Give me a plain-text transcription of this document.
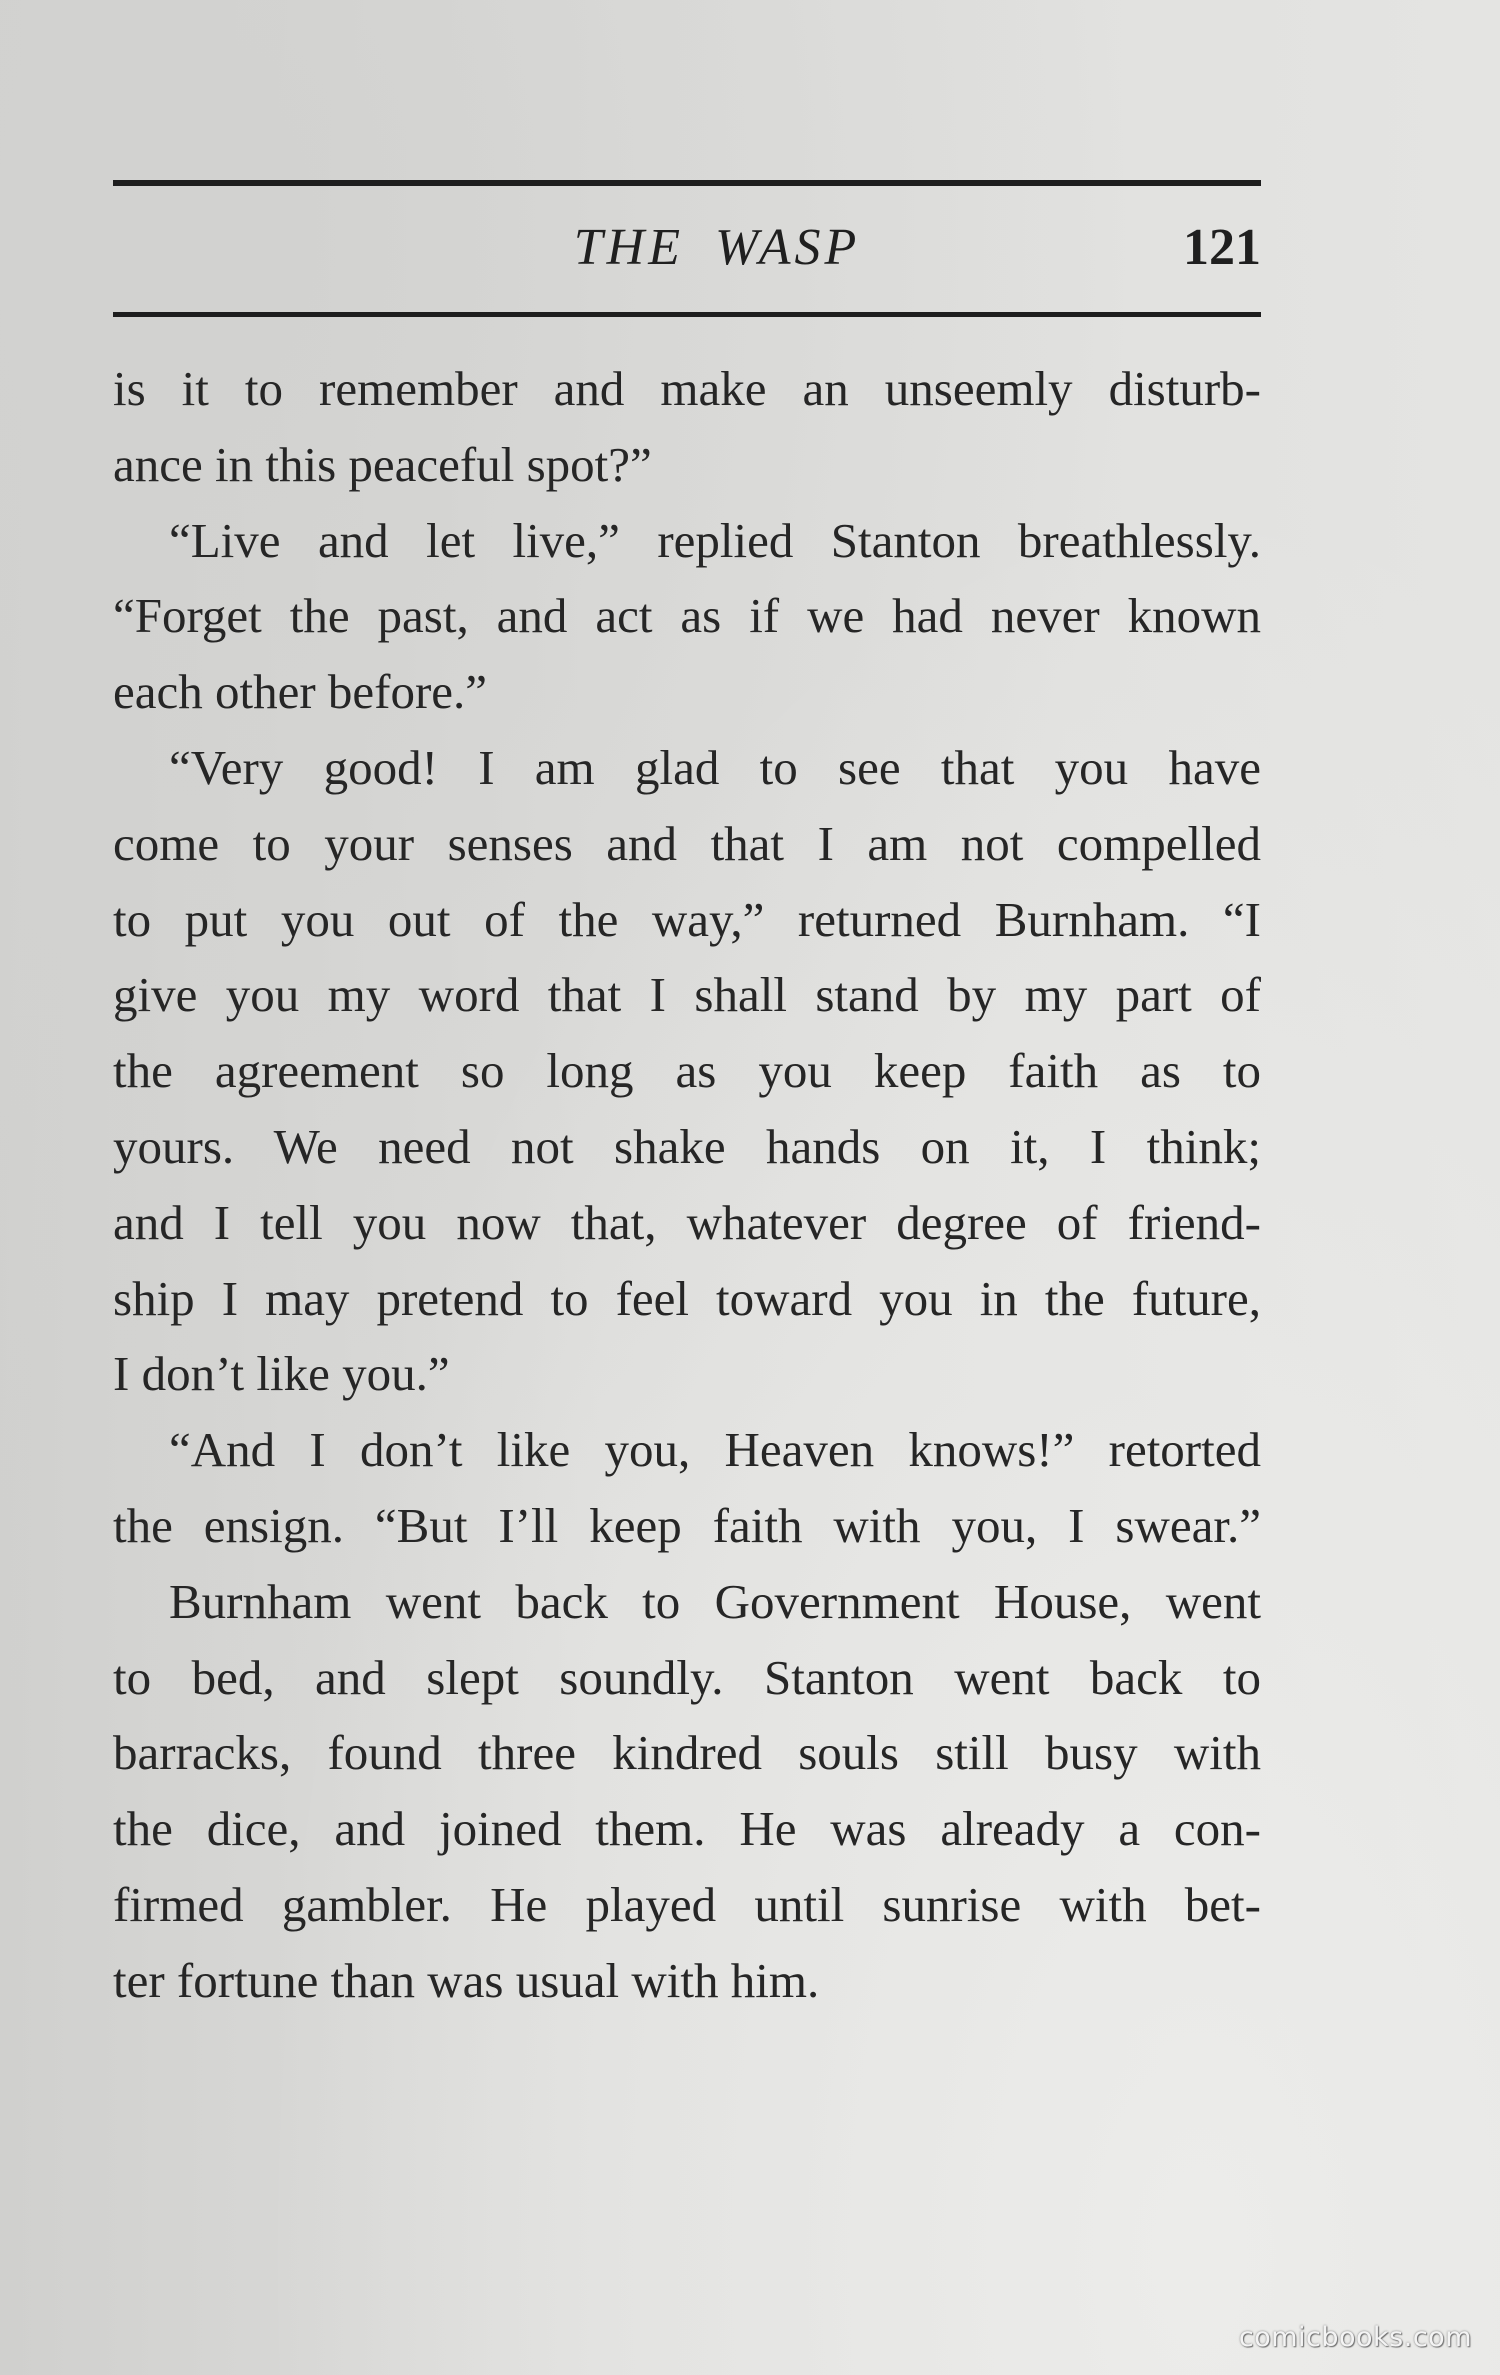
THE WASP	121

is it to remember and make an unseemly disturb-
ance in this peaceful spot?”

“Live and let live,” replied Stanton breathlessly.
“Forget the past, and act as if we had never known
each other before.”

“Very good! I am glad to see that you have
come to your senses and that I am not compelled
to put you out of the way,” returned Burnham. “I
give you my word that I shall stand by my part of
the agreement so long as you keep faith as to
yours. We need not shake hands on it, I think;
and I tell you now that, whatever degree of friend-
ship I may pretend to feel toward you in the future,
I don’t like you.”

“And I don’t like you, Heaven knows!” retorted
the ensign. “But I’ll keep faith with you, I swear.”

Burnham went back to Government House, went
to bed, and slept soundly. Stanton went back to
barracks, found three kindred souls still busy with
the dice, and joined them. He was already a con-
firmed gambler. He played until sunrise with bet-
ter fortune than was usual with him.

comicbooks.com
